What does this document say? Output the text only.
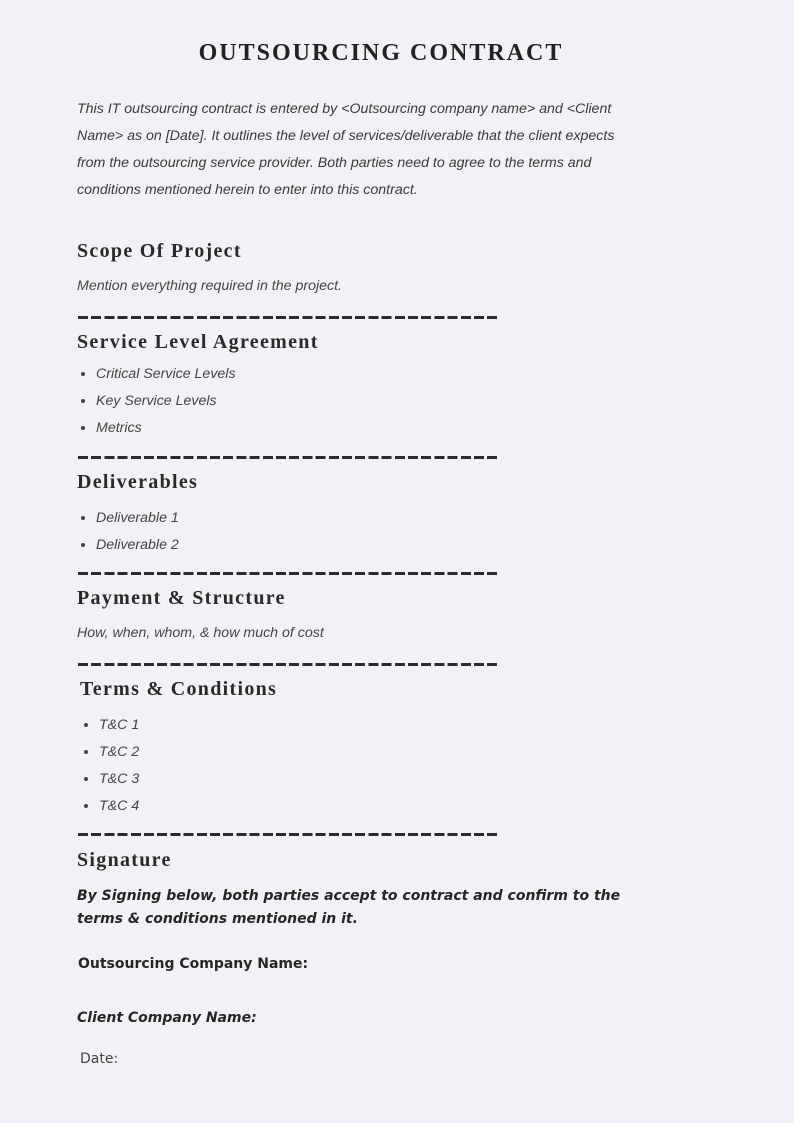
OUTSOURCING CONTRACT
This IT outsourcing contract is entered by <Outsourcing company name> and <Client Name> as on [Date]. It outlines the level of services/deliverable that the client expects from the outsourcing service provider. Both parties need to agree to the terms and conditions mentioned herein to enter into this contract.
Scope Of Project
Mention everything required in the project.
Service Level Agreement
• Critical Service Levels
• Key Service Levels
• Metrics
Deliverables
• Deliverable 1
• Deliverable 2
Payment & Structure
How, when, whom, & how much of cost
Terms & Conditions
• T&C 1
• T&C 2
• T&C 3
• T&C 4
Signature
By Signing below, both parties accept to contract and confirm to the terms & conditions mentioned in it.
Outsourcing Company Name:
Client Company Name:
Date:
